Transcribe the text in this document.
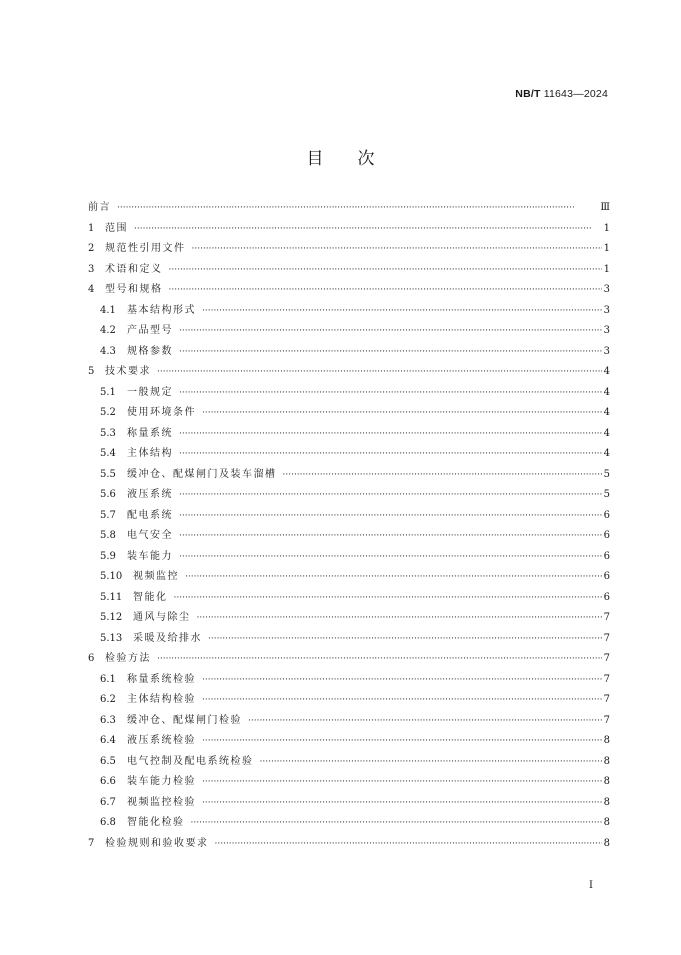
NB/T 11643—2024
目 次
前言 ·····	Ⅲ
1	范围 ·····	1
2	规范性引用文件 ·····	1
3	术语和定义 ·····	1
4	型号和规格 ·····	3
4.1	基本结构形式 ·····	3
4.2	产品型号 ·····	3
4.3	规格参数 ·····	3
5	技术要求 ·····	4
5.1	一般规定 ·····	4
5.2	使用环境条件 ·····	4
5.3	称量系统 ·····	4
5.4	主体结构 ·····	4
5.5	缓冲仓、配煤闸门及装车溜槽 ·····	5
5.6	液压系统 ·····	5
5.7	配电系统 ·····	6
5.8	电气安全 ·····	6
5.9	装车能力 ·····	6
5.10	视频监控 ·····	6
5.11	智能化 ·····	6
5.12	通风与除尘 ·····	7
5.13	采暖及给排水 ·····	7
6	检验方法 ·····	7
6.1	称量系统检验 ·····	7
6.2	主体结构检验 ·····	7
6.3	缓冲仓、配煤闸门检验 ·····	7
6.4	液压系统检验 ·····	8
6.5	电气控制及配电系统检验 ·····	8
6.6	装车能力检验 ·····	8
6.7	视频监控检验 ·····	8
6.8	智能化检验 ·····	8
7	检验规则和验收要求 ·····	8
I
